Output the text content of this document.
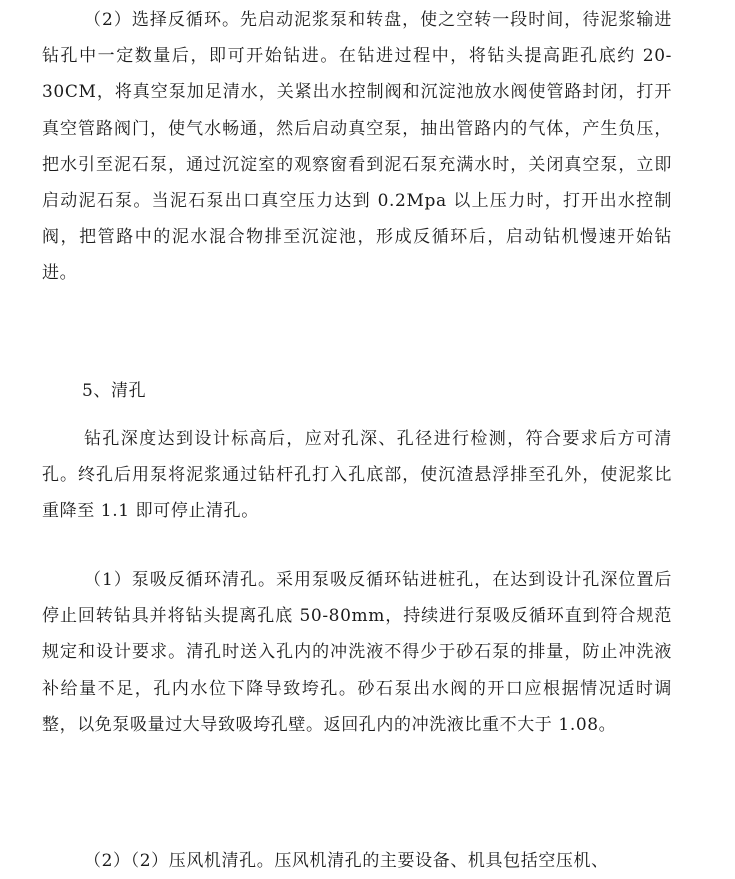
（2）选择反循环。先启动泥浆泵和转盘，使之空转一段时间，待泥浆输进钻孔中一定数量后，即可开始钻进。在钻进过程中，将钻头提高距孔底约 20-30CM，将真空泵加足清水，关紧出水控制阀和沉淀池放水阀使管路封闭，打开真空管路阀门，使气水畅通，然后启动真空泵，抽出管路内的气体，产生负压，把水引至泥石泵，通过沉淀室的观察窗看到泥石泵充满水时，关闭真空泵，立即启动泥石泵。当泥石泵出口真空压力达到 0.2Mpa 以上压力时，打开出水控制阀，把管路中的泥水混合物排至沉淀池，形成反循环后，启动钻机慢速开始钻进。

5、清孔

钻孔深度达到设计标高后，应对孔深、孔径进行检测，符合要求后方可清孔。终孔后用泵将泥浆通过钻杆孔打入孔底部，使沉渣悬浮排至孔外，使泥浆比重降至 1.1 即可停止清孔。

（1）泵吸反循环清孔。采用泵吸反循环钻进桩孔，在达到设计孔深位置后停止回转钻具并将钻头提离孔底 50-80mm，持续进行泵吸反循环直到符合规范规定和设计要求。清孔时送入孔内的冲洗液不得少于砂石泵的排量，防止冲洗液补给量不足，孔内水位下降导致垮孔。砂石泵出水阀的开口应根据情况适时调整，以免泵吸量过大导致吸垮孔壁。返回孔内的冲洗液比重不大于 1.08。

（2）（2）压风机清孔。压风机清孔的主要设备、机具包括空压机、
